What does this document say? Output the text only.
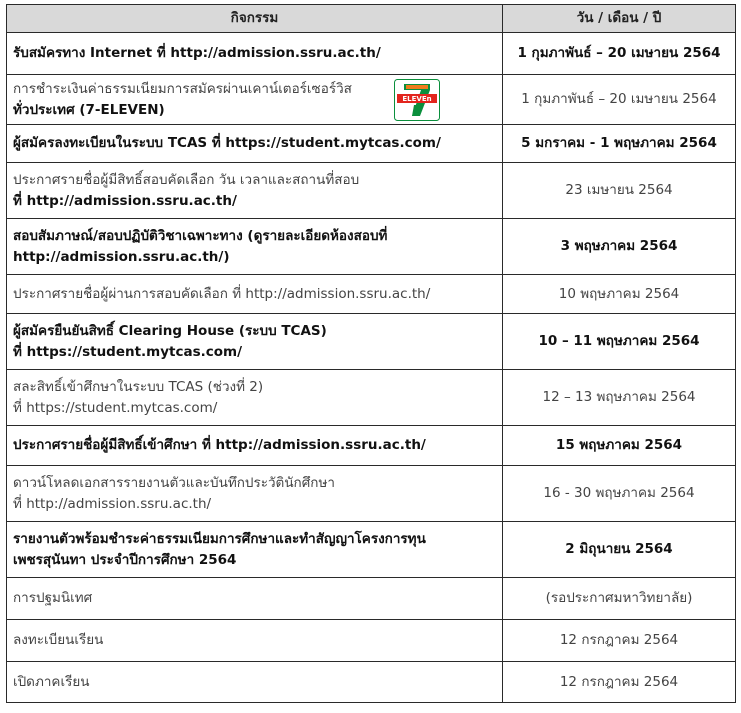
กิจกรรม	วัน / เดือน / ปี

รับสมัครทาง Internet ที่ http://admission.ssru.ac.th/	1 กุมภาพันธ์ – 20 เมษายน 2564

การชำระเงินค่าธรรมเนียมการสมัครผ่านเคาน์เตอร์เซอร์วิส
ทั่วประเทศ (7-ELEVEN)
ELEVEn	1 กุมภาพันธ์ – 20 เมษายน 2564

ผู้สมัครลงทะเบียนในระบบ TCAS ที่ https://student.mytcas.com/	5 มกราคม - 1 พฤษภาคม 2564

ประกาศรายชื่อผู้มีสิทธิ์สอบคัดเลือก วัน เวลาและสถานที่สอบ
ที่ http://admission.ssru.ac.th/	23 เมษายน 2564

สอบสัมภาษณ์/สอบปฏิบัติวิชาเฉพาะทาง (ดูรายละเอียดห้องสอบที่
http://admission.ssru.ac.th/)	3 พฤษภาคม 2564

ประกาศรายชื่อผู้ผ่านการสอบคัดเลือก ที่ http://admission.ssru.ac.th/	10 พฤษภาคม 2564

ผู้สมัครยืนยันสิทธิ์ Clearing House (ระบบ TCAS)
ที่ https://student.mytcas.com/	10 – 11 พฤษภาคม 2564

สละสิทธิ์เข้าศึกษาในระบบ TCAS (ช่วงที่ 2)
ที่ https://student.mytcas.com/	12 – 13 พฤษภาคม 2564

ประกาศรายชื่อผู้มีสิทธิ์เข้าศึกษา ที่ http://admission.ssru.ac.th/	15 พฤษภาคม 2564

ดาวน์โหลดเอกสารรายงานตัวและบันทึกประวัตินักศึกษา
ที่ http://admission.ssru.ac.th/	16 - 30 พฤษภาคม 2564

รายงานตัวพร้อมชำระค่าธรรมเนียมการศึกษาและทำสัญญาโครงการทุน
เพชรสุนันทา ประจำปีการศึกษา 2564	2 มิถุนายน 2564

การปฐมนิเทศ	(รอประกาศมหาวิทยาลัย)

ลงทะเบียนเรียน	12 กรกฎาคม 2564

เปิดภาคเรียน	12 กรกฎาคม 2564
